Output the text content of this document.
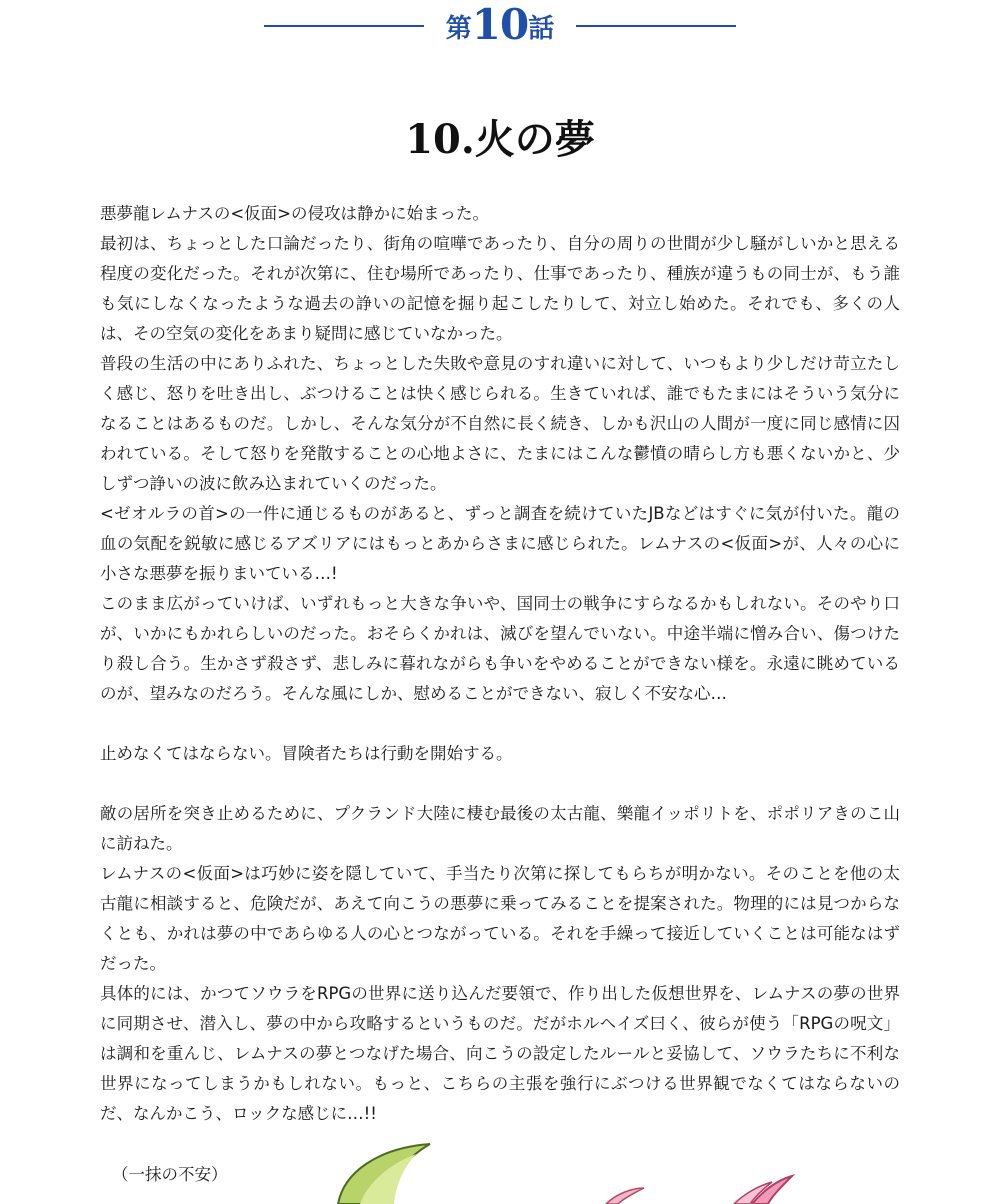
第10話
10.火の夢

悪夢龍レムナスの<仮面>の侵攻は静かに始まった。

最初は、ちょっとした口論だったり、街角の喧嘩であったり、自分の周りの世間が少し騒がしいかと思える程度の変化だった。それが次第に、住む場所であったり、仕事であったり、種族が違うもの同士が、もう誰も気にしなくなったような過去の諍いの記憶を掘り起こしたりして、対立し始めた。それでも、多くの人は、その空気の変化をあまり疑問に感じていなかった。

普段の生活の中にありふれた、ちょっとした失敗や意見のすれ違いに対して、いつもより少しだけ苛立たしく感じ、怒りを吐き出し、ぶつけることは快く感じられる。生きていれば、誰でもたまにはそういう気分になることはあるものだ。しかし、そんな気分が不自然に長く続き、しかも沢山の人間が一度に同じ感情に囚われている。そして怒りを発散することの心地よさに、たまにはこんな鬱憤の晴らし方も悪くないかと、少しずつ諍いの波に飲み込まれていくのだった。

<ゼオルラの首>の一件に通じるものがあると、ずっと調査を続けていたJBなどはすぐに気が付いた。龍の血の気配を鋭敏に感じるアズリアにはもっとあからさまに感じられた。レムナスの<仮面>が、人々の心に小さな悪夢を振りまいている…!

このまま広がっていけば、いずれもっと大きな争いや、国同士の戦争にすらなるかもしれない。そのやり口が、いかにもかれらしいのだった。おそらくかれは、滅びを望んでいない。中途半端に憎み合い、傷つけたり殺し合う。生かさず殺さず、悲しみに暮れながらも争いをやめることができない様を。永遠に眺めているのが、望みなのだろう。そんな風にしか、慰めることができない、寂しく不安な心…

止めなくてはならない。冒険者たちは行動を開始する。

敵の居所を突き止めるために、プクランド大陸に棲む最後の太古龍、樂龍イッポリトを、ポポリアきのこ山に訪ねた。

レムナスの<仮面>は巧妙に姿を隠していて、手当たり次第に探してもらちが明かない。そのことを他の太古龍に相談すると、危険だが、あえて向こうの悪夢に乗ってみることを提案された。物理的には見つからなくとも、かれは夢の中であらゆる人の心とつながっている。それを手繰って接近していくことは可能なはずだった。

具体的には、かつてソウラをRPGの世界に送り込んだ要領で、作り出した仮想世界を、レムナスの夢の世界に同期させ、潜入し、夢の中から攻略するというものだ。だがホルヘイズ曰く、彼らが使う「RPGの呪文」は調和を重んじ、レムナスの夢とつなげた場合、向こうの設定したルールと妥協して、ソウラたちに不利な世界になってしまうかもしれない。もっと、こちらの主張を強行にぶつける世界観でなくてはならないのだ、なんかこう、ロックな感じに…!!

（一抹の不安）
